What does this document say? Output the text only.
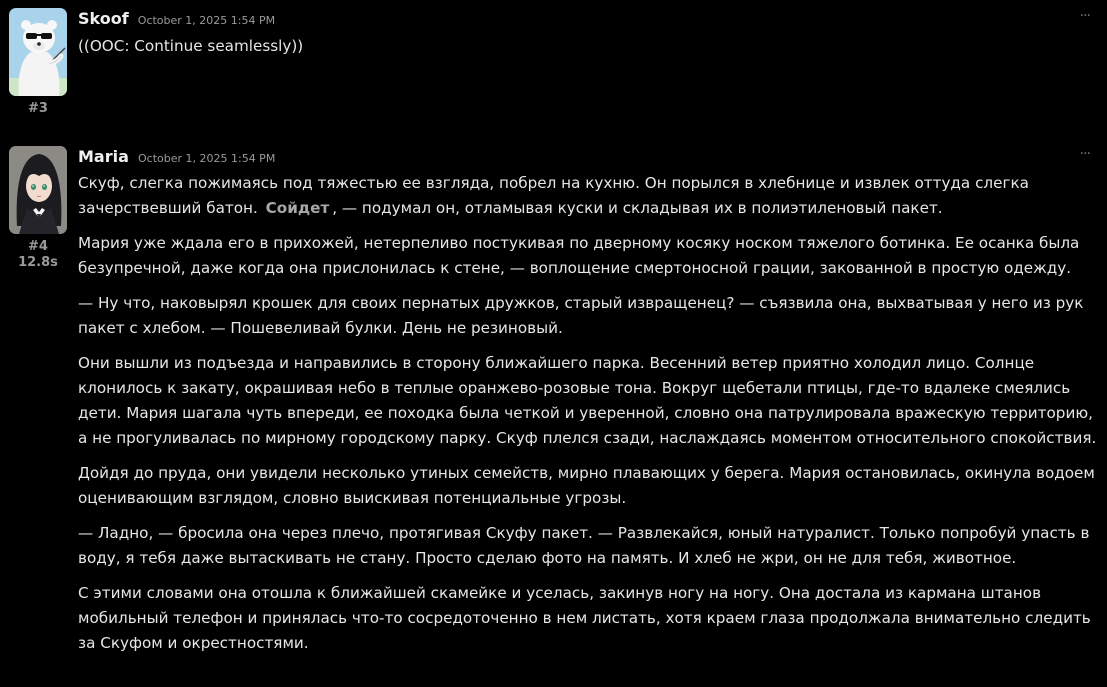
#3
Skoof October 1, 2025 1:54 PM	···

((OOC: Continue seamlessly))

#4
12.8s
Maria October 1, 2025 1:54 PM	···

Скуф, слегка пожимаясь под тяжестью ее взгляда, побрел на кухню. Он порылся в хлебнице и извлек оттуда слегка зачерствевший батон. Сойдет , — подумал он, отламывая куски и складывая их в полиэтиленовый пакет.

Мария уже ждала его в прихожей, нетерпеливо постукивая по дверному косяку носком тяжелого ботинка. Ее осанка была безупречной, даже когда она прислонилась к стене, — воплощение смертоносной грации, закованной в простую одежду.

— Ну что, наковырял крошек для своих пернатых дружков, старый извращенец? — съязвила она, выхватывая у него из рук пакет с хлебом. — Пошевеливай булки. День не резиновый.

Они вышли из подъезда и направились в сторону ближайшего парка. Весенний ветер приятно холодил лицо. Солнце клонилось к закату, окрашивая небо в теплые оранжево-розовые тона. Вокруг щебетали птицы, где-то вдалеке смеялись дети. Мария шагала чуть впереди, ее походка была четкой и уверенной, словно она патрулировала вражескую территорию, а не прогуливалась по мирному городскому парку. Скуф плелся сзади, наслаждаясь моментом относительного спокойствия.

Дойдя до пруда, они увидели несколько утиных семейств, мирно плавающих у берега. Мария остановилась, окинула водоем оценивающим взглядом, словно выискивая потенциальные угрозы.

— Ладно, — бросила она через плечо, протягивая Скуфу пакет. — Развлекайся, юный натуралист. Только попробуй упасть в воду, я тебя даже вытаскивать не стану. Просто сделаю фото на память. И хлеб не жри, он не для тебя, животное.

С этими словами она отошла к ближайшей скамейке и уселась, закинув ногу на ногу. Она достала из кармана штанов мобильный телефон и принялась что-то сосредоточенно в нем листать, хотя краем глаза продолжала внимательно следить за Скуфом и окрестностями.
